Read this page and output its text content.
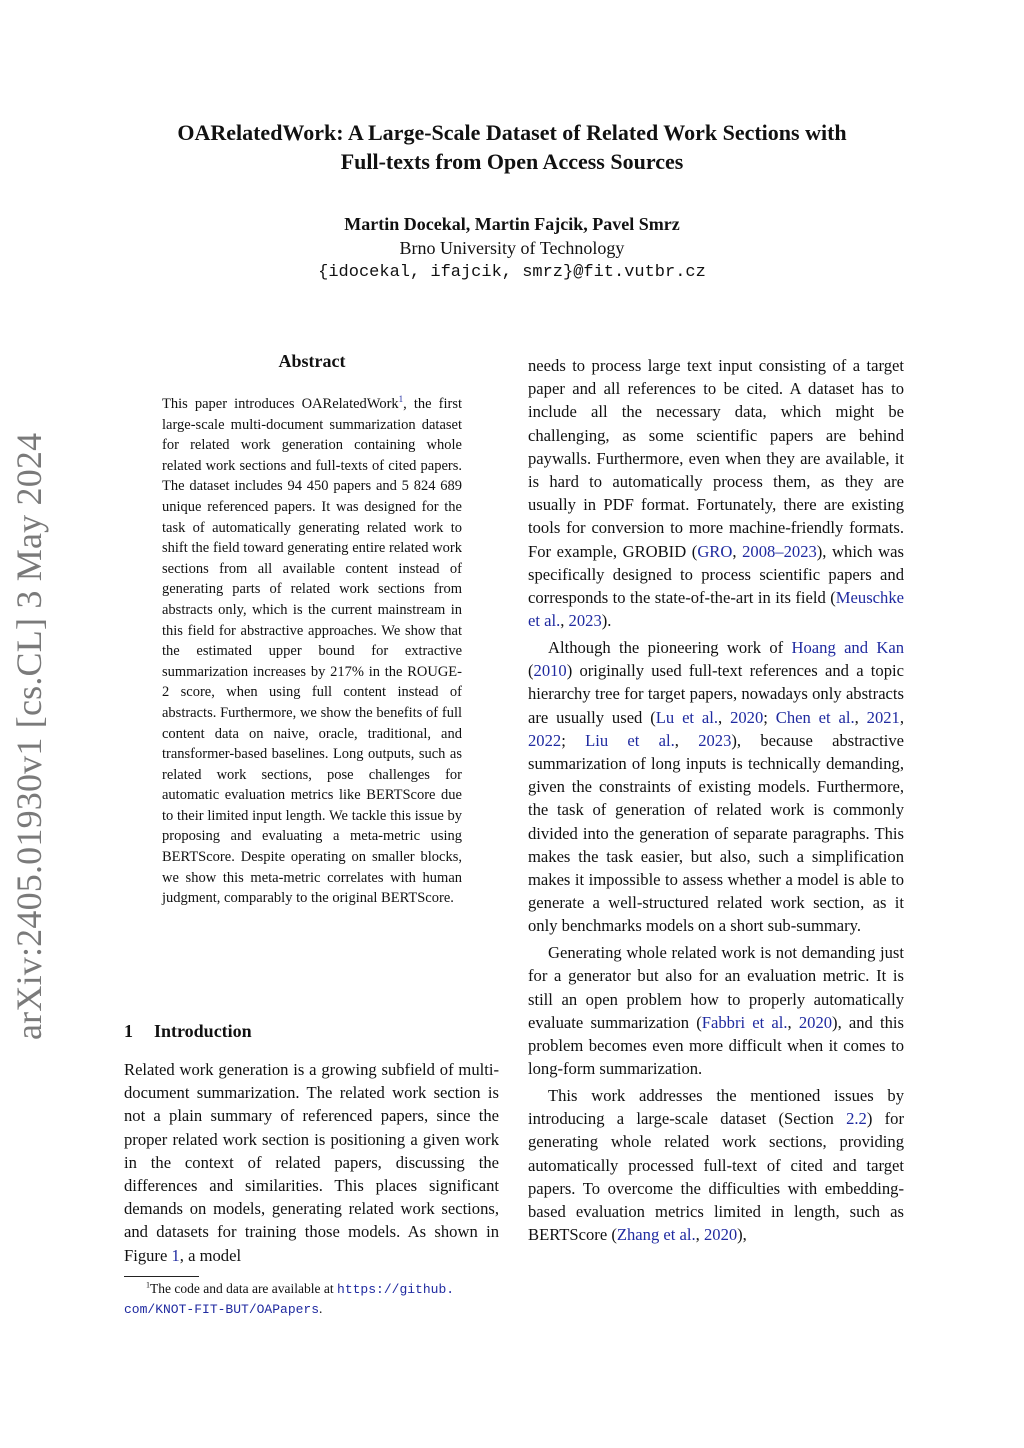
arXiv:2405.01930v1 [cs.CL] 3 May 2024
OARelatedWork: A Large-Scale Dataset of Related Work Sections with
Full-texts from Open Access Sources
Martin Docekal, Martin Fajcik, Pavel Smrz
Brno University of Technology
{idocekal, ifajcik, smrz}@fit.vutbr.cz
Abstract
This paper introduces OARelatedWork$^1$, the first large-scale multi-document summarization dataset for related work generation containing whole related work sections and full-texts of cited papers. The dataset includes 94 450 papers and 5 824 689 unique referenced papers. It was designed for the task of automatically generating related work to shift the field toward generating entire related work sections from all available content instead of generating parts of related work sections from abstracts only, which is the current mainstream in this field for abstractive approaches. We show that the estimated upper bound for extractive summarization increases by 217% in the ROUGE-2 score, when using full content instead of abstracts. Furthermore, we show the benefits of full content data on naive, oracle, traditional, and transformer-based baselines. Long outputs, such as related work sections, pose challenges for automatic evaluation metrics like BERTScore due to their limited input length. We tackle this issue by proposing and evaluating a meta-metric using BERTScore. Despite operating on smaller blocks, we show this meta-metric correlates with human judgment, comparably to the original BERTScore.
1 Introduction
Related work generation is a growing subfield of multi-document summarization. The related work section is not a plain summary of referenced papers, since the proper related work section is positioning a given work in the context of related papers, discussing the differences and similarities. This places significant demands on models, generating related work sections, and datasets for training those models. As shown in Figure 1, a model
$^1$The code and data are available at https://github.
com/KNOT-FIT-BUT/OAPapers.

needs to process large text input consisting of a target paper and all references to be cited. A dataset has to include all the necessary data, which might be challenging, as some scientific papers are behind paywalls. Furthermore, even when they are available, it is hard to automatically process them, as they are usually in PDF format. Fortunately, there are existing tools for conversion to more machine-friendly formats. For example, GROBID (GRO, 2008–2023), which was specifically designed to process scientific papers and corresponds to the state-of-the-art in its field (Meuschke et al., 2023).

Although the pioneering work of Hoang and Kan (2010) originally used full-text references and a topic hierarchy tree for target papers, nowadays only abstracts are usually used (Lu et al., 2020; Chen et al., 2021, 2022; Liu et al., 2023), because abstractive summarization of long inputs is technically demanding, given the constraints of existing models. Furthermore, the task of generation of related work is commonly divided into the generation of separate paragraphs. This makes the task easier, but also, such a simplification makes it impossible to assess whether a model is able to generate a well-structured related work section, as it only benchmarks models on a short sub-summary.

Generating whole related work is not demanding just for a generator but also for an evaluation metric. It is still an open problem how to properly automatically evaluate summarization (Fabbri et al., 2020), and this problem becomes even more difficult when it comes to long-form summarization.

This work addresses the mentioned issues by introducing a large-scale dataset (Section 2.2) for generating whole related work sections, providing automatically processed full-text of cited and target papers. To overcome the difficulties with embedding-based evaluation metrics limited in length, such as BERTScore (Zhang et al., 2020),
